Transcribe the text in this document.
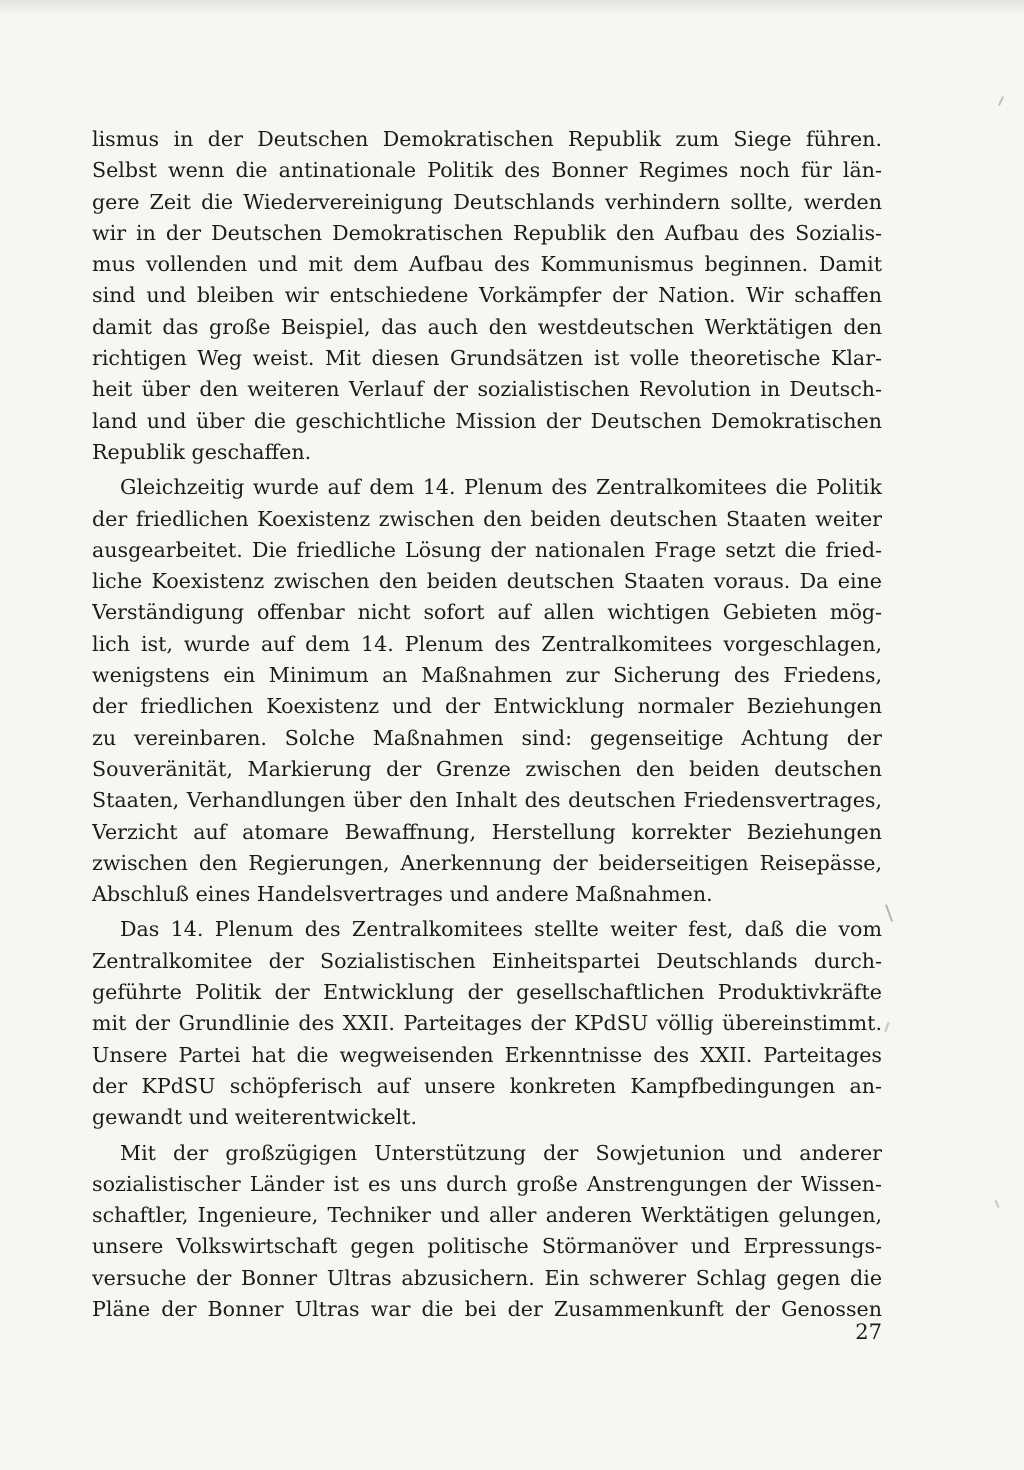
lismus in der Deutschen Demokratischen Republik zum Siege führen.
Selbst wenn die antinationale Politik des Bonner Regimes noch für län-
gere Zeit die Wiedervereinigung Deutschlands verhindern sollte, werden
wir in der Deutschen Demokratischen Republik den Aufbau des Sozialis-
mus vollenden und mit dem Aufbau des Kommunismus beginnen. Damit
sind und bleiben wir entschiedene Vorkämpfer der Nation. Wir schaffen
damit das große Beispiel, das auch den westdeutschen Werktätigen den
richtigen Weg weist. Mit diesen Grundsätzen ist volle theoretische Klar-
heit über den weiteren Verlauf der sozialistischen Revolution in Deutsch-
land und über die geschichtliche Mission der Deutschen Demokratischen
Republik geschaffen.
Gleichzeitig wurde auf dem 14. Plenum des Zentralkomitees die Politik
der friedlichen Koexistenz zwischen den beiden deutschen Staaten weiter
ausgearbeitet. Die friedliche Lösung der nationalen Frage setzt die fried-
liche Koexistenz zwischen den beiden deutschen Staaten voraus. Da eine
Verständigung offenbar nicht sofort auf allen wichtigen Gebieten mög-
lich ist, wurde auf dem 14. Plenum des Zentralkomitees vorgeschlagen,
wenigstens ein Minimum an Maßnahmen zur Sicherung des Friedens,
der friedlichen Koexistenz und der Entwicklung normaler Beziehungen
zu vereinbaren. Solche Maßnahmen sind: gegenseitige Achtung der
Souveränität, Markierung der Grenze zwischen den beiden deutschen
Staaten, Verhandlungen über den Inhalt des deutschen Friedensvertrages,
Verzicht auf atomare Bewaffnung, Herstellung korrekter Beziehungen
zwischen den Regierungen, Anerkennung der beiderseitigen Reisepässe,
Abschluß eines Handelsvertrages und andere Maßnahmen.
Das 14. Plenum des Zentralkomitees stellte weiter fest, daß die vom
Zentralkomitee der Sozialistischen Einheitspartei Deutschlands durch-
geführte Politik der Entwicklung der gesellschaftlichen Produktivkräfte
mit der Grundlinie des XXII. Parteitages der KPdSU völlig übereinstimmt.
Unsere Partei hat die wegweisenden Erkenntnisse des XXII. Parteitages
der KPdSU schöpferisch auf unsere konkreten Kampfbedingungen an-
gewandt und weiterentwickelt.
Mit der großzügigen Unterstützung der Sowjetunion und anderer
sozialistischer Länder ist es uns durch große Anstrengungen der Wissen-
schaftler, Ingenieure, Techniker und aller anderen Werktätigen gelungen,
unsere Volkswirtschaft gegen politische Störmanöver und Erpressungs-
versuche der Bonner Ultras abzusichern. Ein schwerer Schlag gegen die
Pläne der Bonner Ultras war die bei der Zusammenkunft der Genossen
27
